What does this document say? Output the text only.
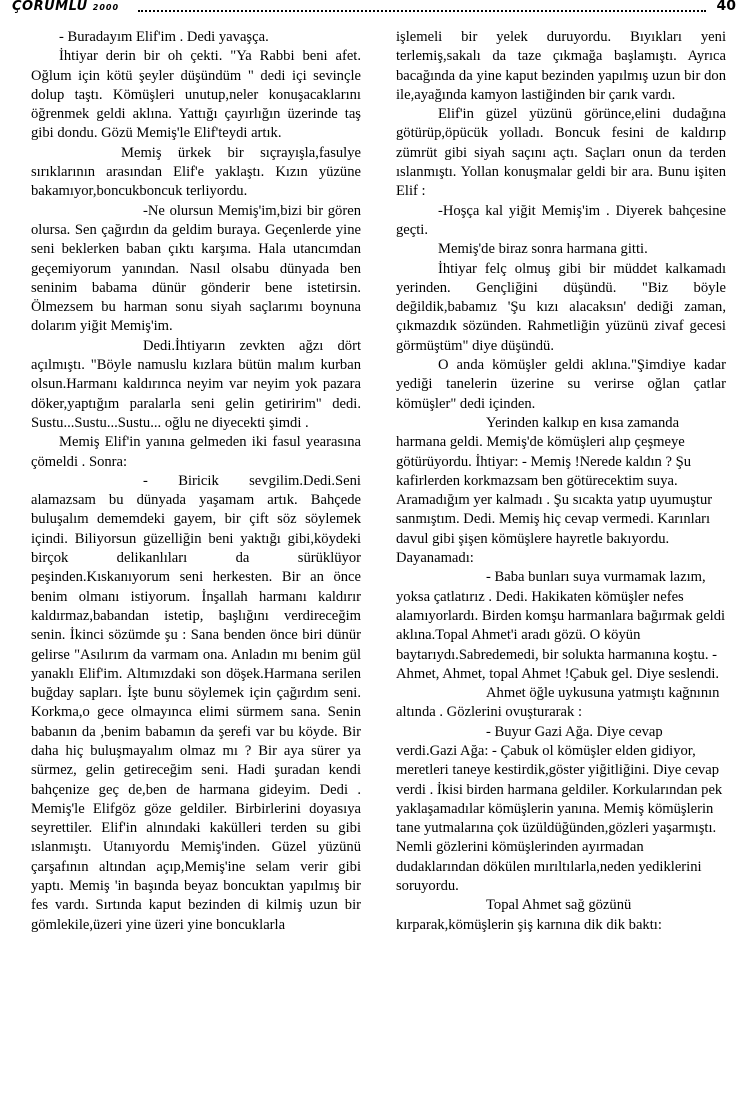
ÇORUMLU 2000	40

- Buradayım Elif'im . Dedi yavaşça.

İhtiyar derin bir oh çekti. "Ya Rabbi beni afet. Oğlum için kötü şeyler düşündüm " dedi içi sevinçle dolup taştı. Kömüşleri unutup,neler konuşacaklarını öğrenmek geldi aklına. Yattığı çayırlığın üzerinde taş gibi dondu. Gözü Memiş'le Elif'teydi artık.

Memiş ürkek bir sıçrayışla,fasulye sırıklarının arasından Elif'e yaklaştı. Kızın yüzüne bakamıyor,boncukboncuk terliyordu.

-Ne olursun Memiş'im,bizi bir gören olursa. Sen çağırdın da geldim buraya. Geçenlerde yine seni beklerken baban çıktı karşıma. Hala utancımdan geçemiyorum yanından. Nasıl olsabu dünyada ben seninim babama dünür gönderir bene istetirsin. Ölmezsem bu harman sonu siyah saçlarımı boynuna dolarım yiğit Memiş'im.

Dedi.İhtiyarın zevkten ağzı dört açılmıştı. "Böyle namuslu kızlara bütün malım kurban olsun.Harmanı kaldırınca neyim var neyim yok pazara döker,yaptığım paralarla seni gelin getiririm" dedi. Sustu...Sustu...Sustu... oğlu ne diyecekti şimdi .

Memiş Elif'in yanına gelmeden iki fasul yearasına çömeldi . Sonra:

- Biricik sevgilim.Dedi.Seni alamazsam bu dünyada yaşamam artık. Bahçede buluşalım dememdeki gayem, bir çift söz söylemek içindi. Biliyorsun güzelliğin beni yaktığı gibi,köydeki birçok delikanlıları da sürüklüyor peşinden.Kıskanıyorum seni herkesten. Bir an önce benim olmanı istiyorum. İnşallah harmanı kaldırır kaldırmaz,babandan istetip, başlığını verdireceğim senin. İkinci sözümde şu : Sana benden önce biri dünür gelirse "Asılırım da varmam ona. Anladın mı benim gül yanaklı Elif'im. Altımızdaki son döşek.Harmana serilen buğday sapları. İşte bunu söylemek için çağırdım seni. Korkma,o gece olmayınca elimi sürmem sana. Senin babanın da ,benim babamın da şerefi var bu köyde. Bir daha hiç buluşmayalım olmaz mı ? Bir aya sürer ya sürmez, gelin getireceğim seni. Hadi şuradan kendi bahçenize geç de,ben de harmana gideyim. Dedi . Memiş'le Elifgöz göze geldiler. Birbirlerini doyasıya seyrettiler. Elif'in alnındaki kakülleri terden su gibi ıslanmıştı. Utanıyordu Memiş'inden. Güzel yüzünü çarşafının altından açıp,Memiş'ine selam verir gibi yaptı. Memiş 'in başında beyaz boncuktan yapılmış bir fes vardı. Sırtında kaput bezinden di kilmiş uzun bir gömlekile,üzeri yine üzeri yine boncuklarla

işlemeli bir yelek duruyordu. Bıyıkları yeni terlemiş,sakalı da taze çıkmağa başlamıştı. Ayrıca bacağında da yine kaput bezinden yapılmış uzun bir don ile,ayağında kamyon lastiğinden bir çarık vardı.

Elif'in güzel yüzünü görünce,elini dudağına götürüp,öpücük yolladı. Boncuk fesini de kaldırıp zümrüt gibi siyah saçını açtı. Saçları onun da terden ıslanmıştı. Yollan konuşmalar geldi bir ara. Bunu işiten Elif :

-Hoşça kal yiğit Memiş'im . Diyerek bahçesine geçti.

Memiş'de biraz sonra harmana gitti.

İhtiyar felç olmuş gibi bir müddet kalkamadı yerinden. Gençliğini düşündü. "Biz böyle değildik,babamız 'Şu kızı alacaksın' dediği zaman, çıkmazdık sözünden. Rahmetliğin yüzünü zivaf gecesi görmüştüm" diye düşündü.

O anda kömüşler geldi aklına."Şimdiye kadar yediği tanelerin üzerine su verirse oğlan çatlar kömüşler" dedi içinden.

Yerinden kalkıp en kısa zamanda harmana geldi. Memiş'de kömüşleri alıp çeşmeye götürüyordu. İhtiyar: - Memiş !Nerede kaldın ? Şu kafirlerden korkmazsam ben götürecektim suya. Aramadığım yer kalmadı . Şu sıcakta yatıp uyumuştur sanmıştım. Dedi. Memiş hiç cevap vermedi. Karınları davul gibi şişen kömüşlere hayretle bakıyordu. Dayanamadı:

- Baba bunları suya vurmamak lazım, yoksa çatlatırız . Dedi. Hakikaten kömüşler nefes alamıyorlardı. Birden komşu harmanlara bağırmak geldi aklına.Topal Ahmet'i aradı gözü. O köyün baytarıydı.Sabredemedi, bir solukta harmanına koştu. - Ahmet, Ahmet, topal Ahmet !Çabuk gel. Diye seslendi.

Ahmet öğle uykusuna yatmıştı kağnının altında . Gözlerini ovuşturarak :

- Buyur Gazi Ağa. Diye cevap verdi.Gazi Ağa: - Çabuk ol kömüşler elden gidiyor, meretleri taneye kestirdik,göster yiğitliğini. Diye cevap verdi . İkisi birden harmana geldiler. Korkularından pek yaklaşamadılar kömüşlerin yanına. Memiş kömüşlerin tane yutmalarına çok üzüldüğünden,gözleri yaşarmıştı. Nemli gözlerini kömüşlerinden ayırmadan dudaklarından dökülen mırıltılarla,neden yediklerini soruyordu.

Topal Ahmet sağ gözünü kırparak,kömüşlerin şiş karnına dik dik baktı:
